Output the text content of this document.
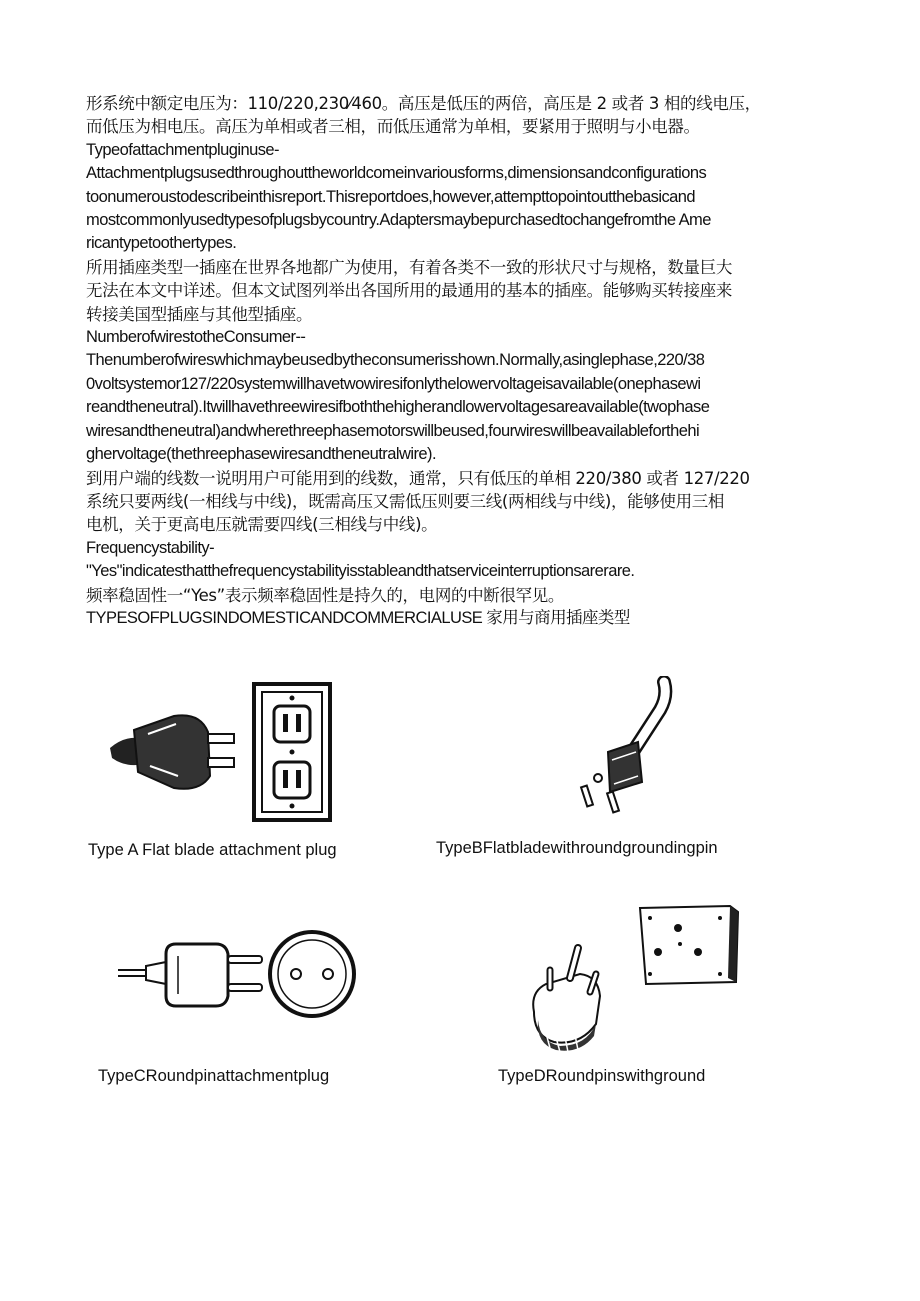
形系统中额定电压为：110/220,230⁄460。高压是低压的两倍，高压是 2 或者 3 相的线电压，
而低压为相电压。高压为单相或者三相，而低压通常为单相，要紧用于照明与小电器。
Typeofattachmentpluginuse-
Attachmentplugsusedthroughouttheworldcomeinvariousforms,dimensionsandconfigurations
toonumeroustodescribeinthisreport.Thisreportdoes,however,attempttopointoutthebasicand
mostcommonlyusedtypesofplugsbycountry.Adaptersmaybepurchasedtochangefromthe Ame
ricantypetoothertypes.
所用插座类型一插座在世界各地都广为使用，有着各类不一致的形状尺寸与规格，数量巨大
无法在本文中详述。但本文试图列举出各国所用的最通用的基本的插座。能够购买转接座来
转接美国型插座与其他型插座。
NumberofwirestotheConsumer--
Thenumberofwireswhichmaybeusedbytheconsumerisshown.Normally,asinglephase,220/38
0voltsystemor127/220systemwillhavetwowiresifonlythelowervoltageisavailable(onephasewi
reandtheneutral).Itwillhavethreewiresifboththehigherandlowervoltagesareavailable(twophase
wiresandtheneutral)andwherethreephasemotorswillbeused,fourwireswillbeavailableforthehi
ghervoltage(thethreephasewiresandtheneutralwire).
到用户端的线数一说明用户可能用到的线数，通常，只有低压的单相 220/380 或者 127/220
系统只要两线(一相线与中线)，既需高压又需低压则要三线(两相线与中线)，能够使用三相
电机，关于更高电压就需要四线(三相线与中线)。
Frequencystability-
"Yes"indicatesthatthefrequencystabilityisstableandthatserviceinterruptionsarerare.
频率稳固性一“Yes”表示频率稳固性是持久的，电网的中断很罕见。
TYPESOFPLUGSINDOMESTICANDCOMMERCIALUSE 家用与商用插座类型
Type A Flat blade attachment plug	TypeBFlatbladewithroundgroundingpin
TypeCRoundpinattachmentplug	TypeDRoundpinswithground
